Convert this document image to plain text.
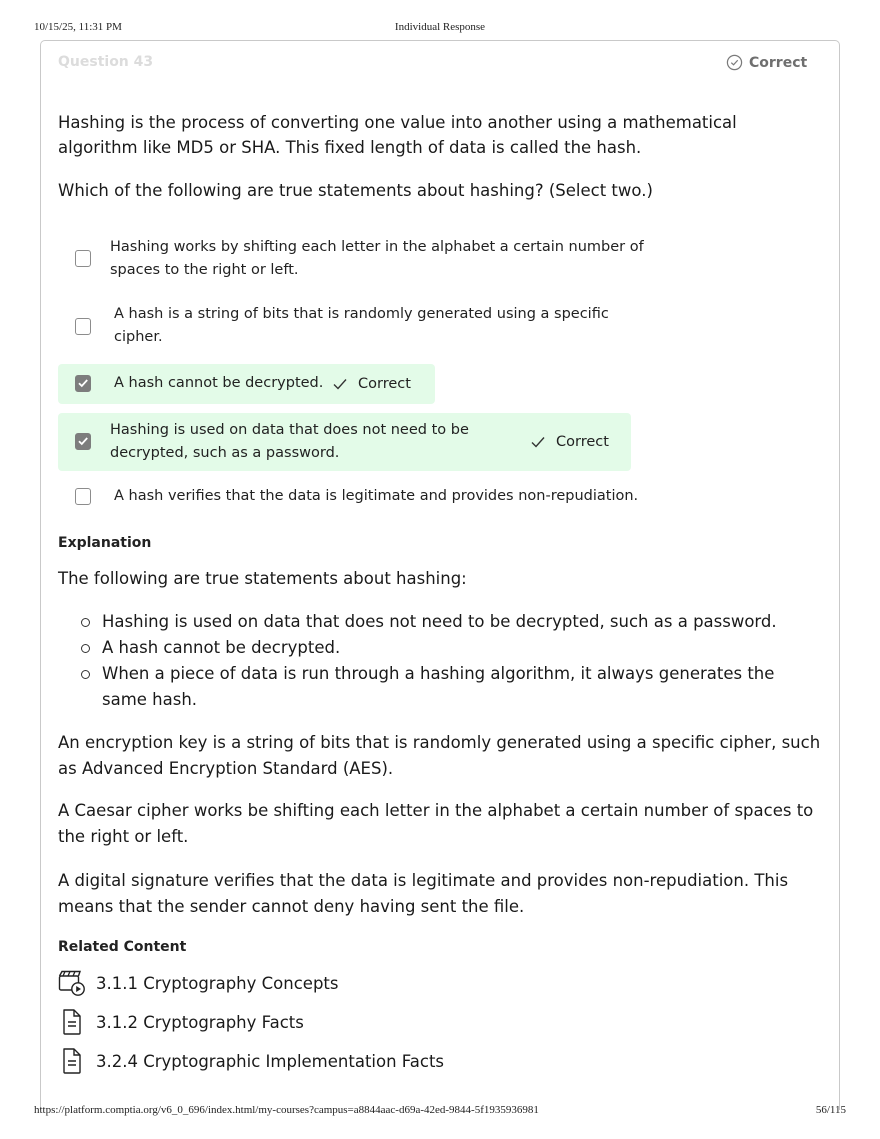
10/15/25, 11:31 PM	Individual Response
Question 43	Correct
Hashing is the process of converting one value into another using a mathematical algorithm like MD5 or SHA. This fixed length of data is called the hash.
Which of the following are true statements about hashing? (Select two.)
Hashing works by shifting each letter in the alphabet a certain number of spaces to the right or left.
A hash is a string of bits that is randomly generated using a specific cipher.
A hash cannot be decrypted.	Correct
Hashing is used on data that does not need to be decrypted, such as a password.
Correct
A hash verifies that the data is legitimate and provides non-repudiation.
Explanation
The following are true statements about hashing:
Hashing is used on data that does not need to be decrypted, such as a password.
A hash cannot be decrypted.
When a piece of data is run through a hashing algorithm, it always generates the same hash.
An encryption key is a string of bits that is randomly generated using a specific cipher, such as Advanced Encryption Standard (AES).
A Caesar cipher works be shifting each letter in the alphabet a certain number of spaces to the right or left.
A digital signature verifies that the data is legitimate and provides non-repudiation. This means that the sender cannot deny having sent the file.
Related Content
3.1.1 Cryptography Concepts
3.1.2 Cryptography Facts
3.2.4 Cryptographic Implementation Facts
https://platform.comptia.org/v6_0_696/index.html/my-courses?campus=a8844aac-d69a-42ed-9844-5f1935936981	56/115
